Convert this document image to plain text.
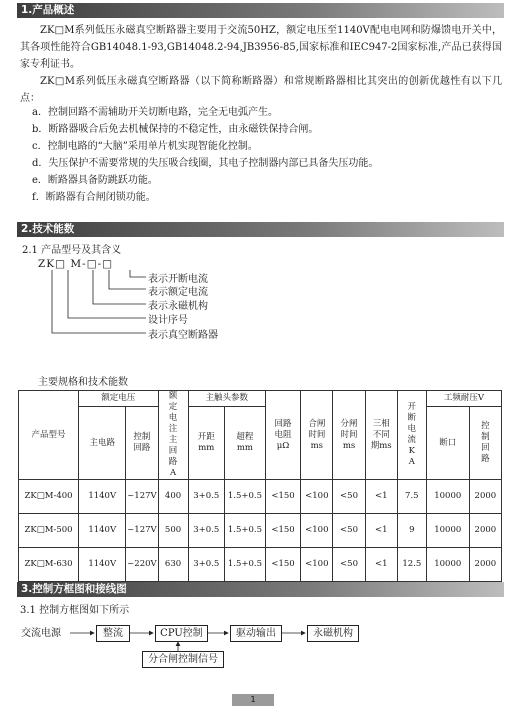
1.产品概述

ZK□M系列低压永磁真空断路器主要用于交流50HZ，额定电压至1140V配电电网和防爆馈电开关中，其各项性能符合GB14048.1-93,GB14048.2-94,JB3956-85,国家标准和IEC947-2国家标准,产品已获得国家专利证书。

ZK□M系列低压永磁真空断路器（以下简称断路器）和常规断路器相比其突出的创新优越性有以下几点：

a．控制回路不需辅助开关切断电路，完全无电弧产生。
b．断路器吸合后免去机械保持的不稳定性，由永磁铁保持合闸。
c．控制电路的“大脑”采用单片机实现智能化控制。
d．失压保护不需要常规的失压吸合线圈，其电子控制器内部已具备失压功能。
e．断路器具备防跳跃功能。
f．断路器有合闸闭锁功能。
2.技术能数
2.1 产品型号及其含义
ZK□ M-□-□
表示开断电流
表示额定电流
表示永磁机构
设计序号
表示真空断路器
主要规格和技术能数
产品型号	额定电压		额定电注主回路A	主触头参数		回路电阻μΩ	合闸时间ms	分闸时间ms	三相不同期ms	开断电流KA	工频耐压V	
	主电路	控制回路		开距mm	超程mm						断口	控制回路

ZK□M-400	1140V	~127V	400	3+0.5	1.5+0.5	<150	<100	<50	<1	7.5	10000	2000
ZK□M-500	1140V	~127V	500	3+0.5	1.5+0.5	<150	<100	<50	<1	9	10000	2000
ZK□M-630	1140V	~220V	630	3+0.5	1.5+0.5	<150	<100	<50	<1	12.5	10000	2000
3.控制方框图和接线图
3.1 控制方框图如下所示
交流电源	整流	CPU控制	驱动输出	永磁机构
分合闸控制信号
1
